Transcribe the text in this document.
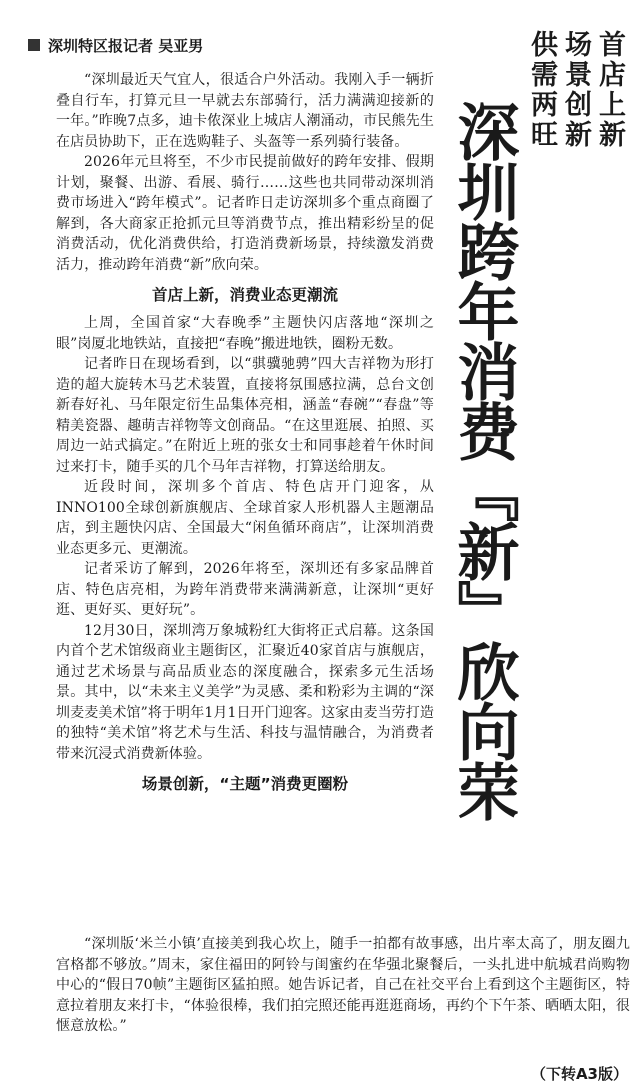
深圳特区报记者 吴亚男

“深圳最近天气宜人，很适合户外活动。我刚入手一辆折叠自行车，打算元旦一早就去东部骑行，活力满满迎接新的一年。”昨晚7点多，迪卡侬深业上城店人潮涌动，市民熊先生在店员协助下，正在选购鞋子、头盔等一系列骑行装备。

2026年元旦将至，不少市民提前做好的跨年安排、假期计划，聚餐、出游、看展、骑行……这些也共同带动深圳消费市场进入“跨年模式”。记者昨日走访深圳多个重点商圈了解到，各大商家正抢抓元旦等消费节点，推出精彩纷呈的促消费活动，优化消费供给，打造消费新场景，持续激发消费活力，推动跨年消费“新”欣向荣。

首店上新，消费业态更潮流

上周，全国首家“大春晚季”主题快闪店落地“深圳之眼”岗厦北地铁站，直接把“春晚”搬进地铁，圈粉无数。

记者昨日在现场看到，以“骐骥驰骋”四大吉祥物为形打造的超大旋转木马艺术装置，直接将氛围感拉满，总台文创新春好礼、马年限定衍生品集体亮相，涵盖“春碗”“春盘”等精美瓷器、趣萌吉祥物等文创商品。“在这里逛展、拍照、买周边一站式搞定。”在附近上班的张女士和同事趁着午休时间过来打卡，随手买的几个马年吉祥物，打算送给朋友。

近段时间，深圳多个首店、特色店开门迎客，从INNO100全球创新旗舰店、全球首家人形机器人主题潮品店，到主题快闪店、全国最大“闲鱼循环商店”，让深圳消费业态更多元、更潮流。

记者采访了解到，2026年将至，深圳还有多家品牌首店、特色店亮相，为跨年消费带来满满新意，让深圳“更好逛、更好买、更好玩”。

12月30日，深圳湾万象城粉红大街将正式启幕。这条国内首个艺术馆级商业主题街区，汇聚近40家首店与旗舰店，通过艺术场景与高品质业态的深度融合，探索多元生活场景。其中，以“未来主义美学”为灵感、柔和粉彩为主调的“深圳麦麦美术馆”将于明年1月1日开门迎客。这家由麦当劳打造的独特“美术馆”将艺术与生活、科技与温情融合，为消费者带来沉浸式消费新体验。

场景创新，“主题”消费更圈粉

“深圳版‘米兰小镇’直接美到我心坎上，随手一拍都有故事感，出片率太高了，朋友圈九宫格都不够放。”周末，家住福田的阿铃与闺蜜约在华强北聚餐后，一头扎进中航城君尚购物中心的“假日70帧”主题街区猛拍照。她告诉记者，自己在社交平台上看到这个主题街区，特意拉着朋友来打卡，“体验很棒，我们拍完照还能再逛逛商场，再约个下午茶、晒晒太阳，很惬意放松。”

首店上新
场景创新
供需两旺
深圳跨年消费『新』欣向荣
（下转A3版）
